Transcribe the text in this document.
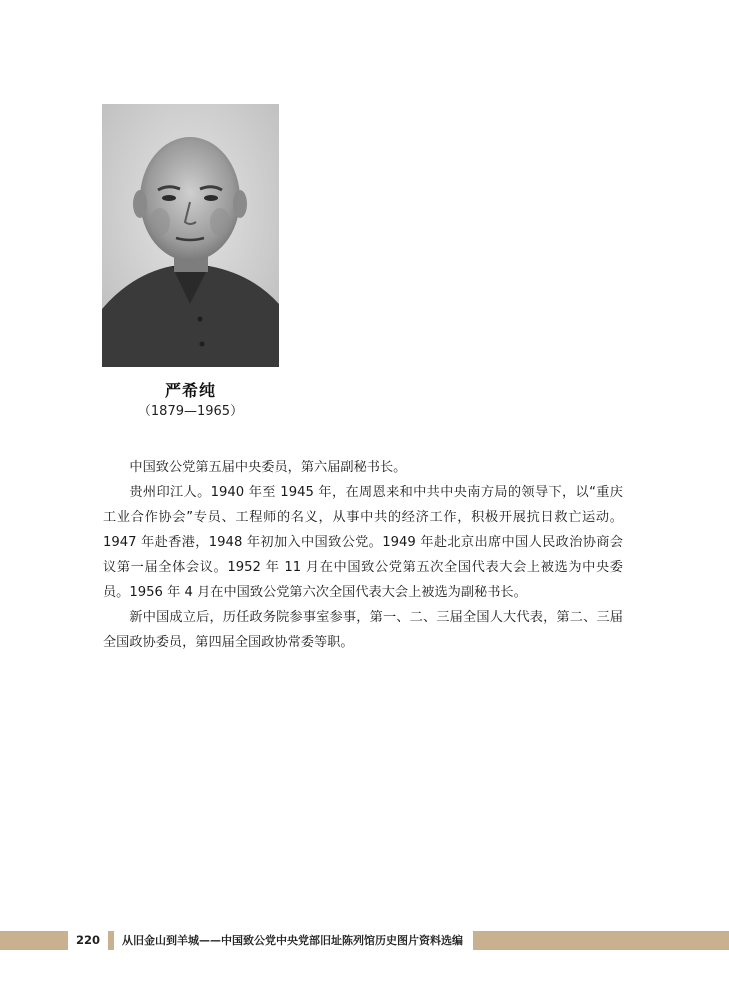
严希纯
（1879—1965）

中国致公党第五届中央委员，第六届副秘书长。

贵州印江人。1940 年至 1945 年，在周恩来和中共中央南方局的领导下，以“重庆工业合作协会”专员、工程师的名义，从事中共的经济工作，积极开展抗日救亡运动。1947 年赴香港，1948 年初加入中国致公党。1949 年赴北京出席中国人民政治协商会议第一届全体会议。1952 年 11 月在中国致公党第五次全国代表大会上被选为中央委员。1956 年 4 月在中国致公党第六次全国代表大会上被选为副秘书长。

新中国成立后，历任政务院参事室参事，第一、二、三届全国人大代表，第二、三届全国政协委员，第四届全国政协常委等职。

220	从旧金山到羊城——中国致公党中央党部旧址陈列馆历史图片资料选编
